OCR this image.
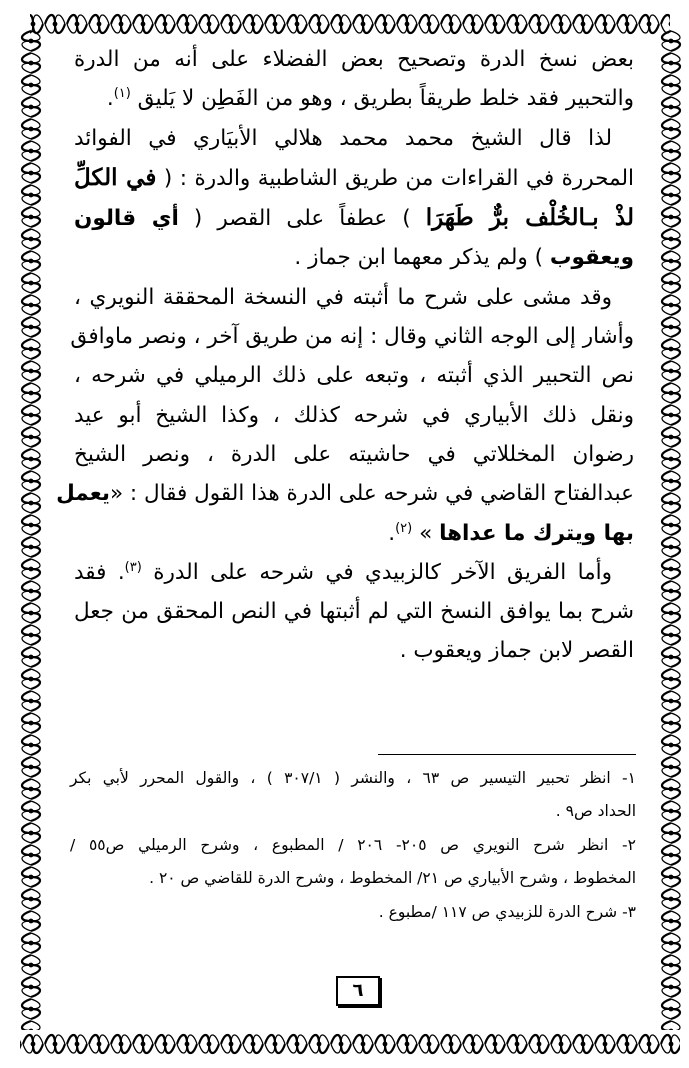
بعض نسخ الدرة وتصحيح بعض الفضلاء على أنه من الدرة
والتحبير فقد خلط طريقاً بطريق ، وهو من الفَطِن لا يَليق $^{(١)}$.

لذا قال الشيخ محمد محمد هلالي الأبيَاري في الفوائد
المحررة في القراءات من طريق الشاطبية والدرة : ( في الكلِّ
لذْ بـالخُلْف برٌّ طَهَرَا ) عطفاً على القصر ( أي قالون
ويعقوب ) ولم يذكر معهما ابن جماز .

وقد مشى على شرح ما أثبته في النسخة المحققة النويري ،
وأشار إلى الوجه الثاني وقال : إنه من طريق آخر ، ونصر ماوافق
نص التحبير الذي أثبته ، وتبعه على ذلك الرميلي في شرحه ،
ونقل ذلك الأبياري في شرحه كذلك ، وكذا الشيخ أبو عيد
رضوان المخللاتي في حاشيته على الدرة ، ونصر الشيخ
عبدالفتاح القاضي في شرحه على الدرة هذا القول فقال : «يعمل
بها ويترك ما عداها » $^{(٢)}$.

وأما الفريق الآخر كالزبيدي في شرحه على الدرة $^{(٣)}$. فقد
شرح بما يوافق النسخ التي لم أثبتها في النص المحقق من جعل
القصر لابن جماز ويعقوب .

١- انظر تحبير التيسير ص ٦٣ ، والنشر ( ٣٠٧/١ ) ، والقول المحرر لأبي بكر
الحداد ص٩ .

٢- انظر شرح النويري ص ٢٠٥- ٢٠٦ / المطبوع ، وشرح الرميلي ص٥٥ /
المخطوط ، وشرح الأبياري ص ٢١/ المخطوط ، وشرح الدرة للقاضي ص ٢٠ .

٣- شرح الدرة للزبيدي ص ١١٧ /مطبوع .

٦
